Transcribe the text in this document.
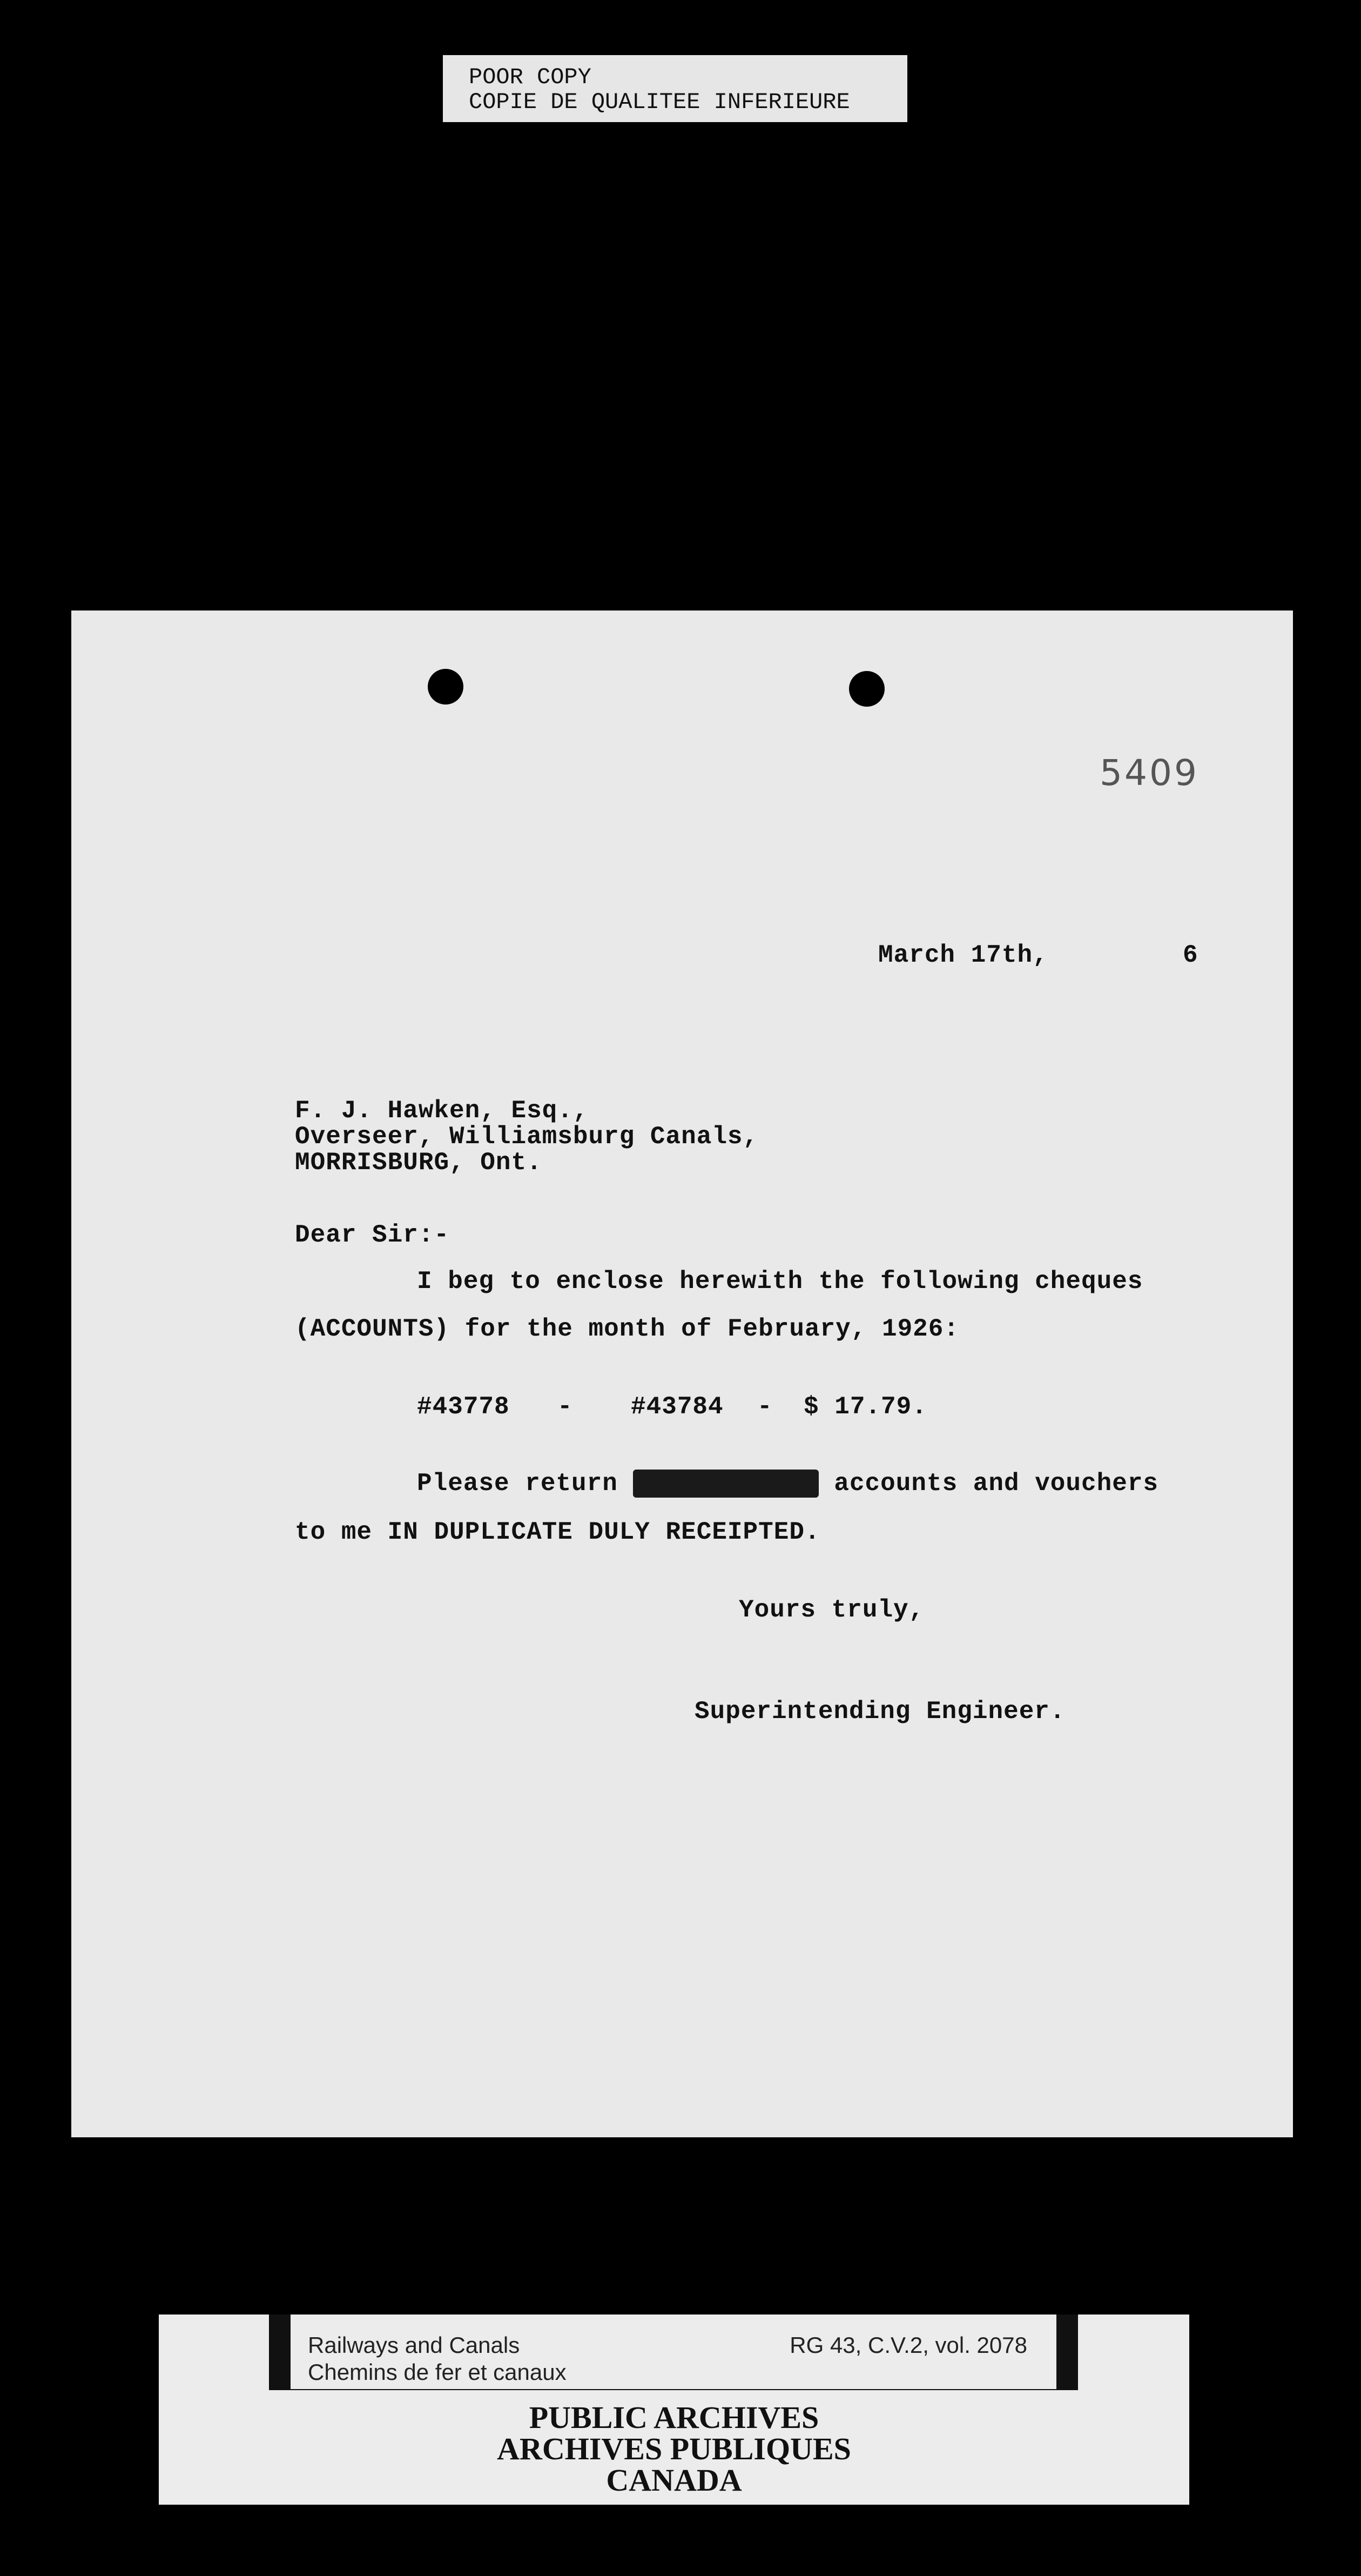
POOR COPY
COPIE DE QUALITEE INFERIEURE
5409
March 17th,	6
F. J. Hawken, Esq.,
Overseer, Williamsburg Canals,
MORRISBURG, Ont.
Dear Sir:-
I beg to enclose herewith the following cheques
(ACCOUNTS) for the month of February, 1926:
#43778 - #43784 - $ 17.79.
Please return	accounts and vouchers
to me IN DUPLICATE DULY RECEIPTED.
Yours truly,
Superintending Engineer.
Railways and Canals
Chemins de fer et canaux
RG 43, C.V.2, vol. 2078
PUBLIC ARCHIVES
ARCHIVES PUBLIQUES
CANADA
